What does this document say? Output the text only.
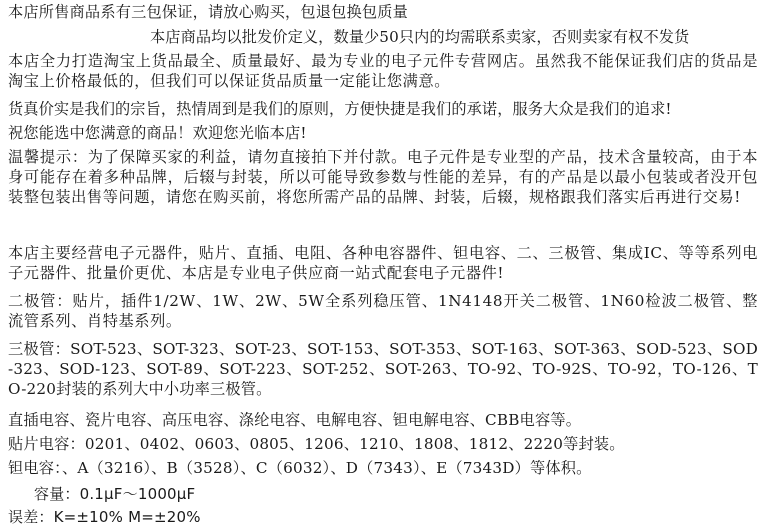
本店所售商品系有三包保证，请放心购买，包退包换包质量
本店商品均以批发价定义，数量少50只内的均需联系卖家，否则卖家有权不发货
本店全力打造淘宝上货品最全、质量最好、最为专业的电子元件专营网店。虽然我不能保证我们店的货品是淘宝上价格最低的，但我们可以保证货品质量一定能让您满意。
货真价实是我们的宗旨，热情周到是我们的原则，方便快捷是我们的承诺，服务大众是我们的追求!
祝您能选中您满意的商品！欢迎您光临本店!
温馨提示：为了保障买家的利益，请勿直接拍下并付款。电子元件是专业型的产品，技术含量较高，由于本身可能存在着多种品牌，后辍与封装，所以可能导致参数与性能的差异，有的产品是以最小包装或者没开包装整包装出售等问题，请您在购买前，将您所需产品的品牌、封装，后辍，规格跟我们落实后再进行交易!
本店主要经营电子元器件，贴片、直插、电阻、各种电容器件、钽电容、二、三极管、集成IC、等等系列电子元器件、批量价更优、本店是专业电子供应商一站式配套电子元器件!
二极管：贴片，插件1/2W、1W、2W、5W全系列稳压管、1N4148开关二极管、1N60检波二极管、整流管系列、肖特基系列。
三极管：SOT-523、SOT-323、SOT-23、SOT-153、SOT-353、SOT-163、SOT-363、SOD-523、SOD-323、SOD-123、SOT-89、SOT-223、SOT-252、SOT-263、TO-92、TO-92S、TO-92，TO-126、TO-220封装的系列大中小功率三极管。
直插电容、瓷片电容、高压电容、涤纶电容、电解电容、钽电解电容、CBB电容等。
贴片电容：0201、0402、0603、0805、1206、1210、1808、1812、2220等封装。
钽电容：、A（3216）、B（3528）、C（6032）、D（7343）、E（7343D）等体积。
容量：0.1μF～1000μF
误差：K=±10% M=±20%
